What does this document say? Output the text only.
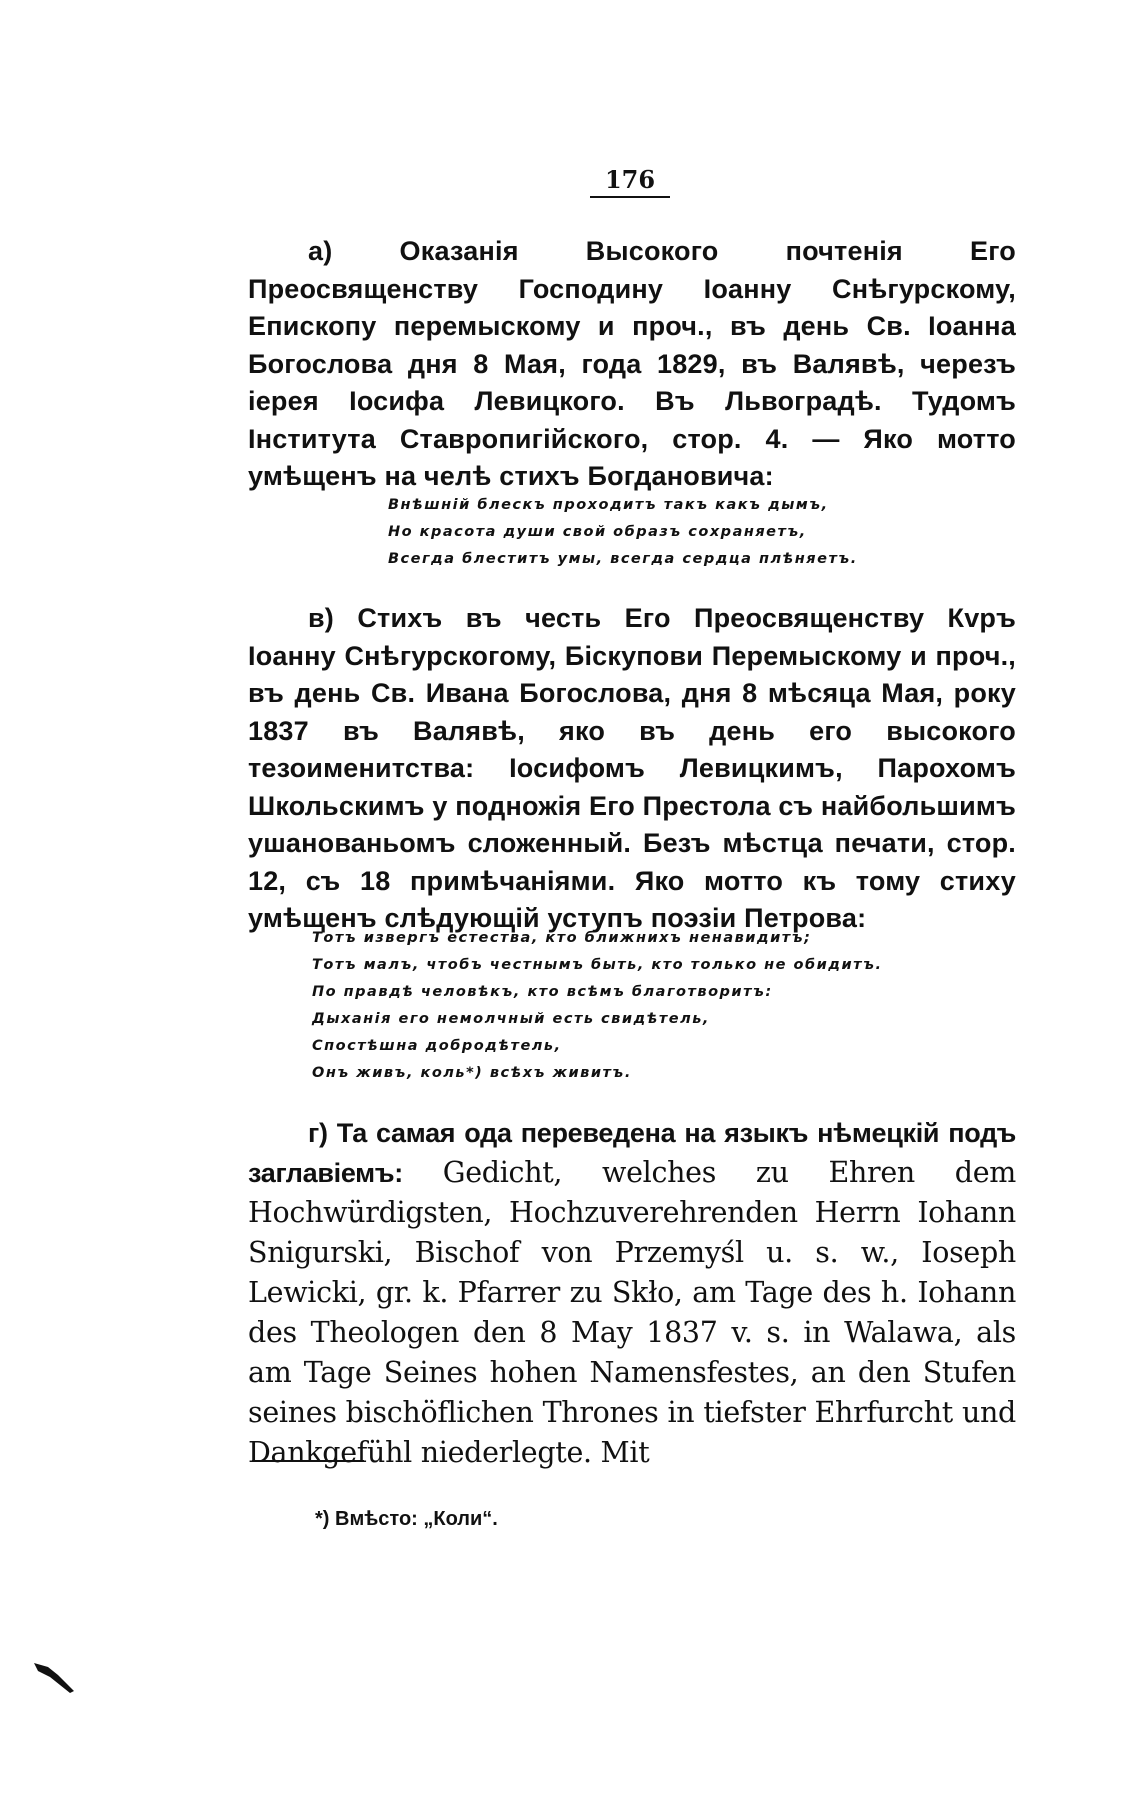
176

а) Оказанія Высокого почтенія Его Преосвященству Господину Іоанну Снѣгурскому, Епископу перемыскому и проч., въ день Св. Іоанна Богослова дня 8 Мая, года 1829, въ Валявѣ, черезъ іерея Іосифа Левицкого. Въ Львоградѣ. Тудомъ Інститута Ставропигійского, стор. 4. — Яко мотто умѣщенъ на челѣ стихъ Богдановича:

Внѣшній блескъ проходитъ такъ какъ дымъ,
Но красота души свой образъ сохраняетъ,
Всегда блеститъ умы, всегда сердца плѣняетъ.

в) Стихъ въ честь Его Преосвященству Кvръ Іоанну Снѣгурскогому, Біскупови Перемыскому и проч., въ день Св. Ивана Богослова, дня 8 мѣсяца Мая, року 1837 въ Валявѣ, яко въ день его высокого тезоименитства: Іосифомъ Левицкимъ, Парохомъ Школьскимъ у подножія Его Престола съ найбольшимъ ушанованьомъ сложенный. Безъ мѣстца печати, стор. 12, съ 18 примѣчаніями. Яко мотто къ тому стиху умѣщенъ слѣдующій уступъ поэзіи Петрова:

Тотъ извергъ естества, кто ближнихъ ненавидитъ;
Тотъ малъ, чтобъ честнымъ быть, кто только не обидитъ.
По правдѣ человѣкъ, кто всѣмъ благотворитъ:
Дыханія его немолчный есть свидѣтель,
Спостѣшна добродѣтель,
Онъ живъ, коль*) всѣхъ живитъ.

г) Та самая ода переведена на языкъ нѣмецкій подъ заглавіемъ: Gedicht, welches zu Ehren dem Hochwürdigsten, Hochzuverehrenden Herrn Iohann Snigurski, Bischof von Przemyśl u. s. w., Ioseph Lewicki, gr. k. Pfarrer zu Skło, am Tage des h. Iohann des Theologen den 8 May 1837 v. s. in Walawa, als am Tage Seines hohen Namensfestes, an den Stufen seines bischöflichen Thrones in tiefster Ehrfurcht und Dankgefühl niederlegte. Mit

*) Вмѣсто: „Коли“.
